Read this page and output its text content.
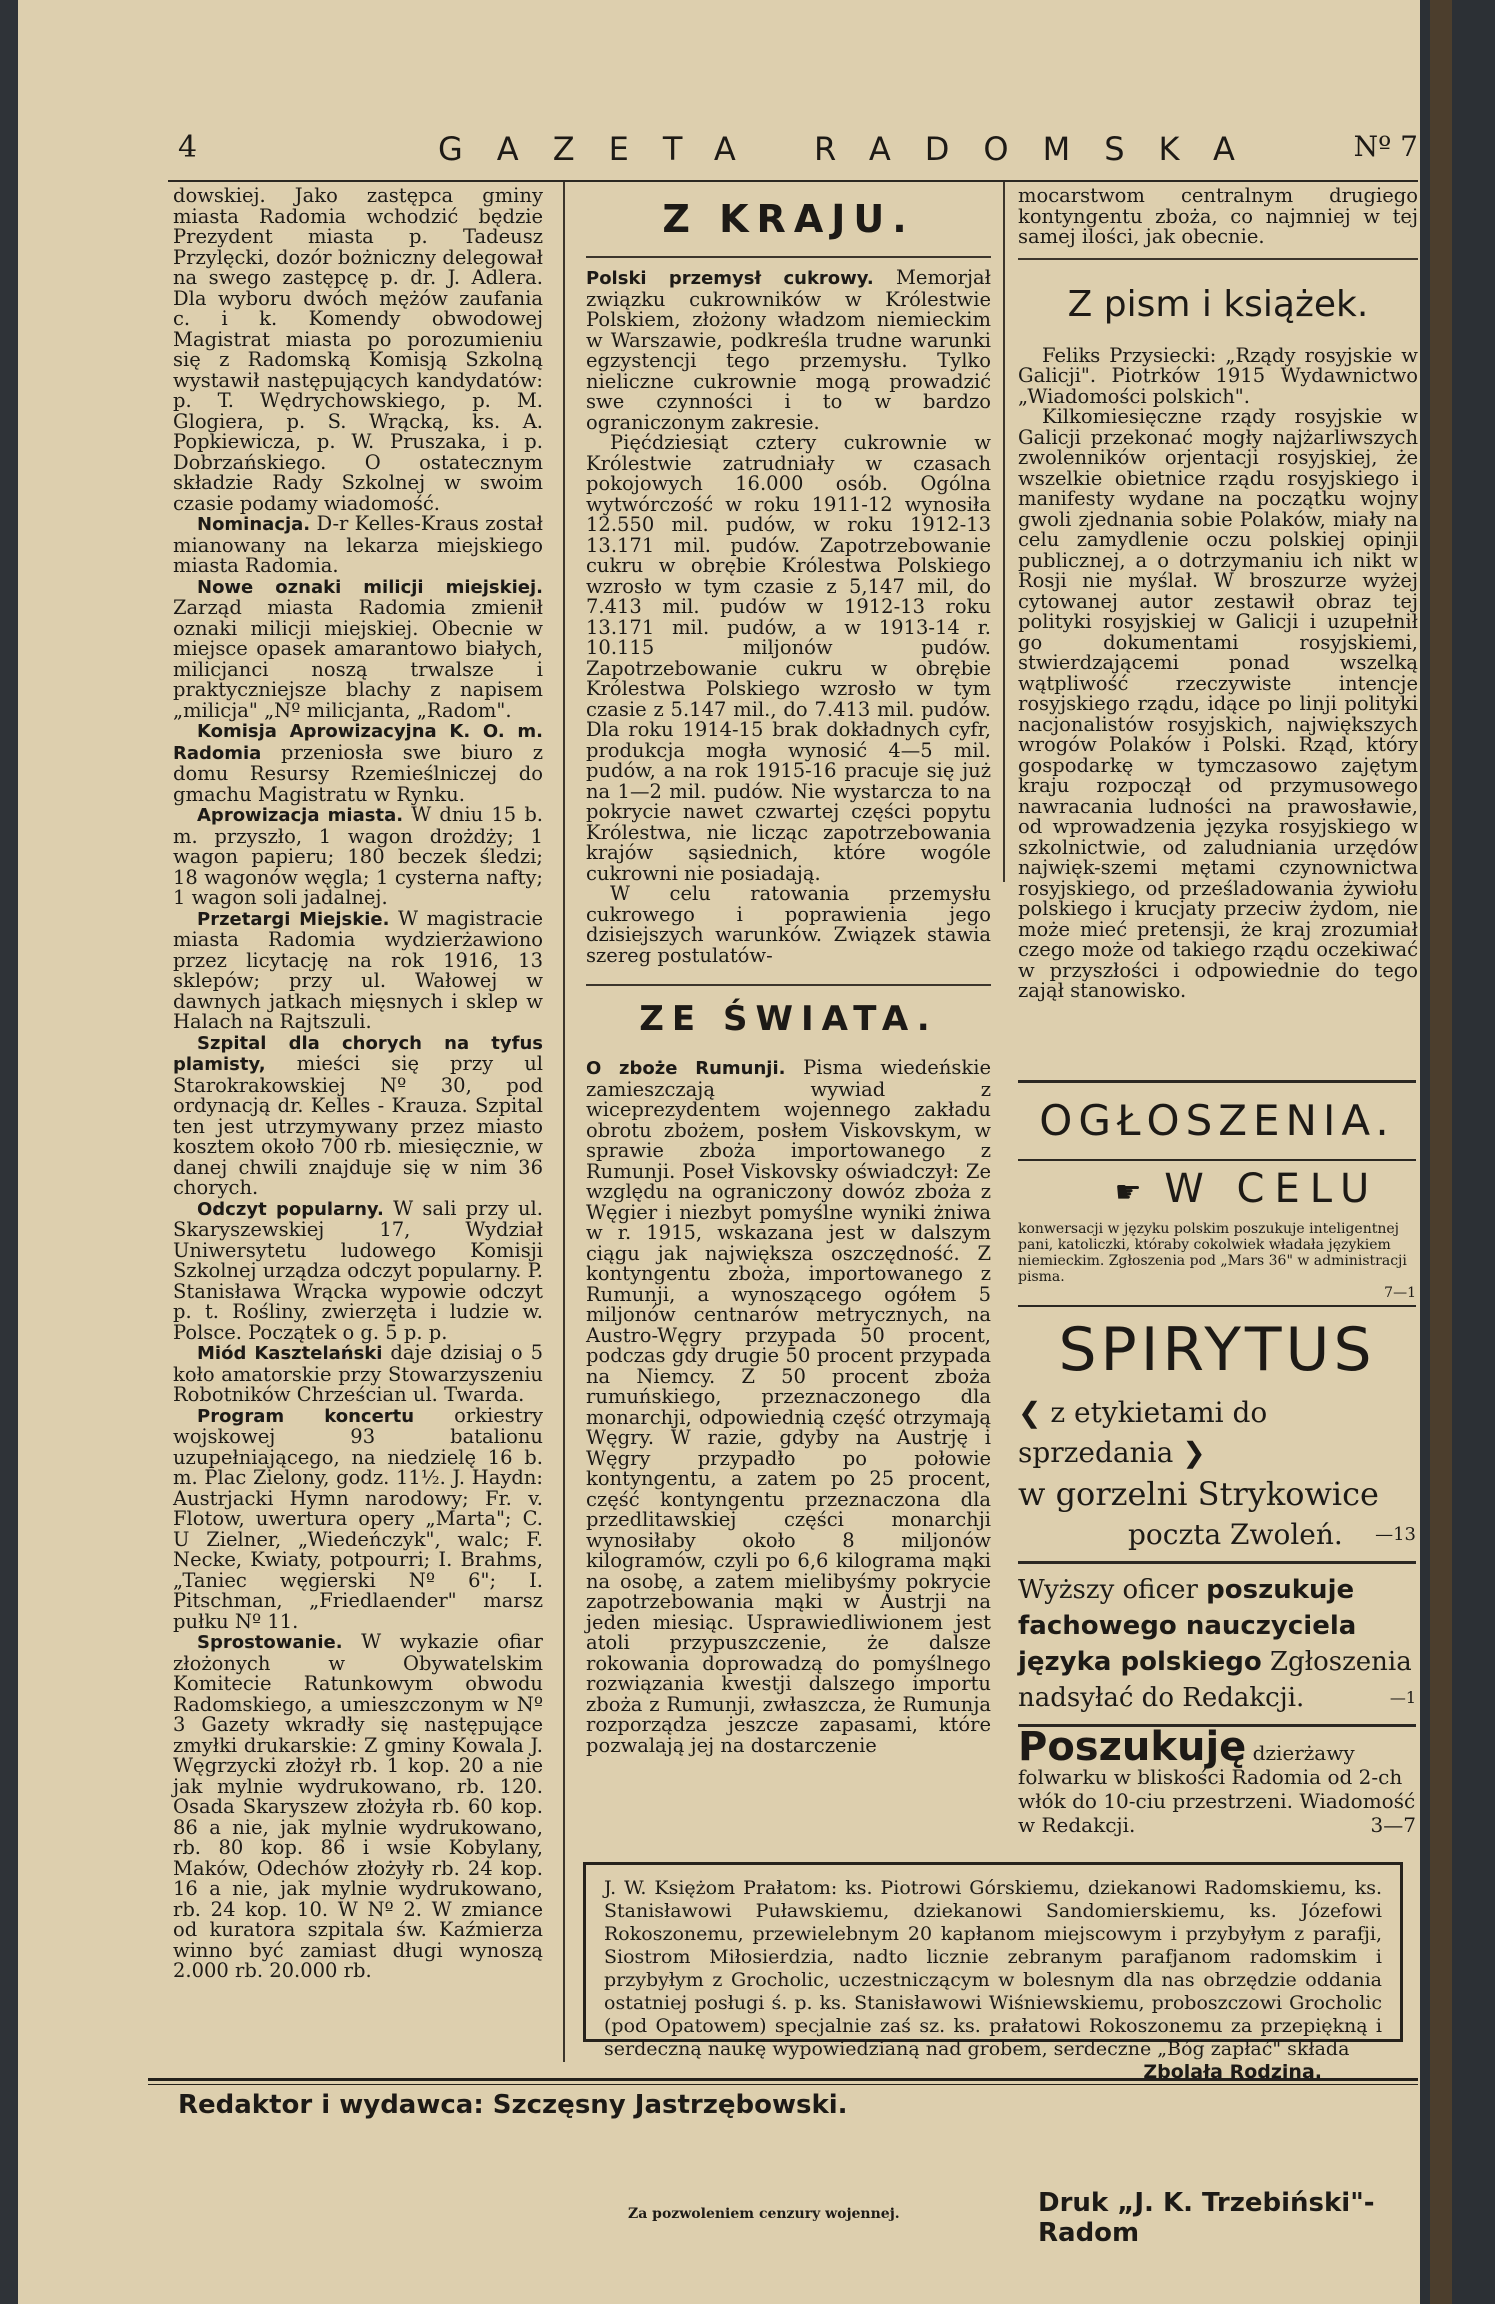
4	GAZETA RADOMSKA	Nº 7

dowskiej. Jako zastępca gminy miasta Radomia wchodzić będzie Prezydent miasta p. Tadeusz Przylęcki, dozór bożniczny delegował na swego zastępcę p. dr. J. Adlera. Dla wyboru dwóch mężów zaufania c. i k. Komendy obwodowej Magistrat miasta po porozumieniu się z Radomską Komisją Szkolną wystawił następujących kandydatów: p. T. Wędrychowskiego, p. M. Glogiera, p. S. Wrącką, ks. A. Popkiewicza, p. W. Pruszaka, i p. Dobrzańskiego. O ostatecznym składzie Rady Szkolnej w swoim czasie podamy wiadomość.

Nominacja. D-r Kelles-Kraus został mianowany na lekarza miejskiego miasta Radomia.

Nowe oznaki milicji miejskiej. Zarząd miasta Radomia zmienił oznaki milicji miejskiej. Obecnie w miejsce opasek amarantowo białych, milicjanci noszą trwalsze i praktyczniejsze blachy z napisem „milicja" „Nº milicjanta, „Radom".

Komisja Aprowizacyjna K. O. m. Radomia przeniosła swe biuro z domu Resursy Rzemieślniczej do gmachu Magistratu w Rynku.

Aprowizacja miasta. W dniu 15 b. m. przyszło, 1 wagon drożdży; 1 wagon papieru; 180 beczek śledzi; 18 wagonów węgla; 1 cysterna nafty; 1 wagon soli jadalnej.

Przetargi Miejskie. W magistracie miasta Radomia wydzierżawiono przez licytację na rok 1916, 13 sklepów; przy ul. Wałowej w dawnych jatkach mięsnych i sklep w Halach na Rajtszuli.

Szpital dla chorych na tyfus plamisty, mieści się przy ul Starokrakowskiej Nº 30, pod ordynacją dr. Kelles - Krauza. Szpital ten jest utrzymywany przez miasto kosztem około 700 rb. miesięcznie, w danej chwili znajduje się w nim 36 chorych.

Odczyt popularny. W sali przy ul. Skaryszewskiej 17, Wydział Uniwersytetu ludowego Komisji Szkolnej urządza odczyt popularny. P. Stanisława Wrącka wypowie odczyt p. t. Rośliny, zwierzęta i ludzie w. Polsce. Początek o g. 5 p. p.

Miód Kasztelański daje dzisiaj o 5 koło amatorskie przy Stowarzyszeniu Robotników Chrześcian ul. Twarda.

Program koncertu orkiestry wojskowej 93 batalionu uzupełniającego, na niedzielę 16 b. m. Plac Zielony, godz. 11½. J. Haydn: Austrjacki Hymn narodowy; Fr. v. Flotow, uwertura opery „Marta"; C. U Zielner, „Wiedeńczyk", walc; F. Necke, Kwiaty, potpourri; I. Brahms, „Taniec węgierski Nº 6"; I. Pitschman, „Friedlaender" marsz pułku Nº 11.

Sprostowanie. W wykazie ofiar złożonych w Obywatelskim Komitecie Ratunkowym obwodu Radomskiego, a umieszczonym w Nº 3 Gazety wkradły się następujące zmyłki drukarskie: Z gminy Kowala J. Węgrzycki złożył rb. 1 kop. 20 a nie jak mylnie wydrukowano, rb. 120. Osada Skaryszew złożyła rb. 60 kop. 86 a nie, jak mylnie wydrukowano, rb. 80 kop. 86 i wsie Kobylany, Maków, Odechów złożyły rb. 24 kop. 16 a nie, jak mylnie wydrukowano, rb. 24 kop. 10. W Nº 2. W zmiance od kuratora szpitala św. Kaźmierza winno być zamiast długi wynoszą 2.000 rb. 20.000 rb.

Z KRAJU.

Polski przemysł cukrowy. Memorjał związku cukrowników w Królestwie Polskiem, złożony władzom niemieckim w Warszawie, podkreśla trudne warunki egzystencji tego przemysłu. Tylko nieliczne cukrownie mogą prowadzić swe czynności i to w bardzo ograniczonym zakresie.

Pięćdziesiąt cztery cukrownie w Królestwie zatrudniały w czasach pokojowych 16.000 osób. Ogólna wytwórczość w roku 1911-12 wynosiła 12.550 mil. pudów, w roku 1912-13 13.171 mil. pudów. Zapotrzebowanie cukru w obrębie Królestwa Polskiego wzrosło w tym czasie z 5,147 mil, do 7.413 mil. pudów w 1912-13 roku 13.171 mil. pudów, a w 1913-14 r. 10.115 miljonów pudów. Zapotrzebowanie cukru w obrębie Królestwa Polskiego wzrosło w tym czasie z 5.147 mil., do 7.413 mil. pudów. Dla roku 1914-15 brak dokładnych cyfr, produkcja mogła wynosić 4—5 mil. pudów, a na rok 1915-16 pracuje się już na 1—2 mil. pudów. Nie wystarcza to na pokrycie nawet czwartej części popytu Królestwa, nie licząc zapotrzebowania krajów sąsiednich, które wogóle cukrowni nie posiadają.

W celu ratowania przemysłu cukrowego i poprawienia jego dzisiejszych warunków. Związek stawia szereg postulatów-

ZE ŚWIATA.

O zboże Rumunji. Pisma wiedeńskie zamieszczają wywiad z wiceprezydentem wojennego zakładu obrotu zbożem, posłem Viskovskym, w sprawie zboża importowanego z Rumunji. Poseł Viskovsky oświadczył: Ze względu na ograniczony dowóz zboża z Węgier i niezbyt pomyślne wyniki żniwa w r. 1915, wskazana jest w dalszym ciągu jak największa oszczędność. Z kontyngentu zboża, importowanego z Rumunji, a wynoszącego ogółem 5 miljonów centnarów metrycznych, na Austro-Węgry przypada 50 procent, podczas gdy drugie 50 procent przypada na Niemcy. Z 50 procent zboża rumuńskiego, przeznaczonego dla monarchji, odpowiednią część otrzymają Węgry. W razie, gdyby na Austrję i Węgry przypadło po połowie kontyngentu, a zatem po 25 procent, część kontyngentu przeznaczona dla przedlitawskiej części monarchji wynosiłaby około 8 miljonów kilogramów, czyli po 6,6 kilograma mąki na osobę, a zatem mielibyśmy pokrycie zapotrzebowania mąki w Austrji na jeden miesiąc. Usprawiedliwionem jest atoli przypuszczenie, że dalsze rokowania doprowadzą do pomyślnego rozwiązania kwestji dalszego importu zboża z Rumunji, zwłaszcza, że Rumunja rozporządza jeszcze zapasami, które pozwalają jej na dostarczenie

mocarstwom centralnym drugiego kontyngentu zboża, co najmniej w tej samej ilości, jak obecnie.

Z pism i książek.

Feliks Przysiecki: „Rządy rosyjskie w Galicji". Piotrków 1915 Wydawnictwo „Wiadomości polskich".

Kilkomiesięczne rządy rosyjskie w Galicji przekonać mogły najżarliwszych zwolenników orjentacji rosyjskiej, że wszelkie obietnice rządu rosyjskiego i manifesty wydane na początku wojny gwoli zjednania sobie Polaków, miały na celu zamydlenie oczu polskiej opinji publicznej, a o dotrzymaniu ich nikt w Rosji nie myślał. W broszurze wyżej cytowanej autor zestawił obraz tej polityki rosyjskiej w Galicji i uzupełnił go dokumentami rosyjskiemi, stwierdzającemi ponad wszelką wątpliwość rzeczywiste intencje rosyjskiego rządu, idące po linji polityki nacjonalistów rosyjskich, największych wrogów Polaków i Polski. Rząd, który gospodarkę w tymczasowo zajętym kraju rozpoczął od przymusowego nawracania ludności na prawosławie, od wprowadzenia języka rosyjskiego w szkolnictwie, od zaludniania urzędów najwięk-szemi mętami czynownictwa rosyjskiego, od prześladowania żywiołu polskiego i krucjaty przeciw żydom, nie może mieć pretensji, że kraj zrozumiał czego może od takiego rządu oczekiwać w przyszłości i odpowiednie do tego zajął stanowisko.

OGŁOSZENIA.
☛ W CELU

konwersacji w języku polskim poszukuje inteligentnej pani, katoliczki, któraby cokolwiek władała językiem niemieckim. Zgłoszenia pod „Mars 36" w administracji pisma.

7—1
SPIRYTUS
❮ z etykietami do sprzedania ❯
w gorzelni Strykowice
poczta Zwoleń. —13

Wyższy oficer poszukuje fachowego nauczyciela języka polskiego Zgłoszenia nadsyłać do Redakcji.	—1

Poszukuję dzierżawy folwarku w bliskości Radomia od 2-ch włók do 10-ciu przestrzeni. Wiadomość w Redakcji.	3—7

J. W. Księżom Prałatom: ks. Piotrowi Górskiemu, dziekanowi Radomskiemu, ks. Stanisławowi Puławskiemu, dziekanowi Sandomierskiemu, ks. Józefowi Rokoszonemu, przewielebnym 20 kapłanom miejscowym i przybyłym z parafji, Siostrom Miłosierdzia, nadto licznie zebranym parafjanom radomskim i przybyłym z Grocholic, uczestniczącym w bolesnym dla nas obrzędzie oddania ostatniej posługi ś. p. ks. Stanisławowi Wiśniewskiemu, proboszczowi Grocholic (pod Opatowem) specjalnie zaś sz. ks. prałatowi Rokoszonemu za przepiękną i serdeczną naukę wypowiedzianą nad grobem, serdeczne „Bóg zapłać" składa
Zbolała Rodzina.
Redaktor i wydawca: Szczęsny Jastrzębowski.
Za pozwoleniem cenzury wojennej.	Druk „J. K. Trzebiński"-Radom
